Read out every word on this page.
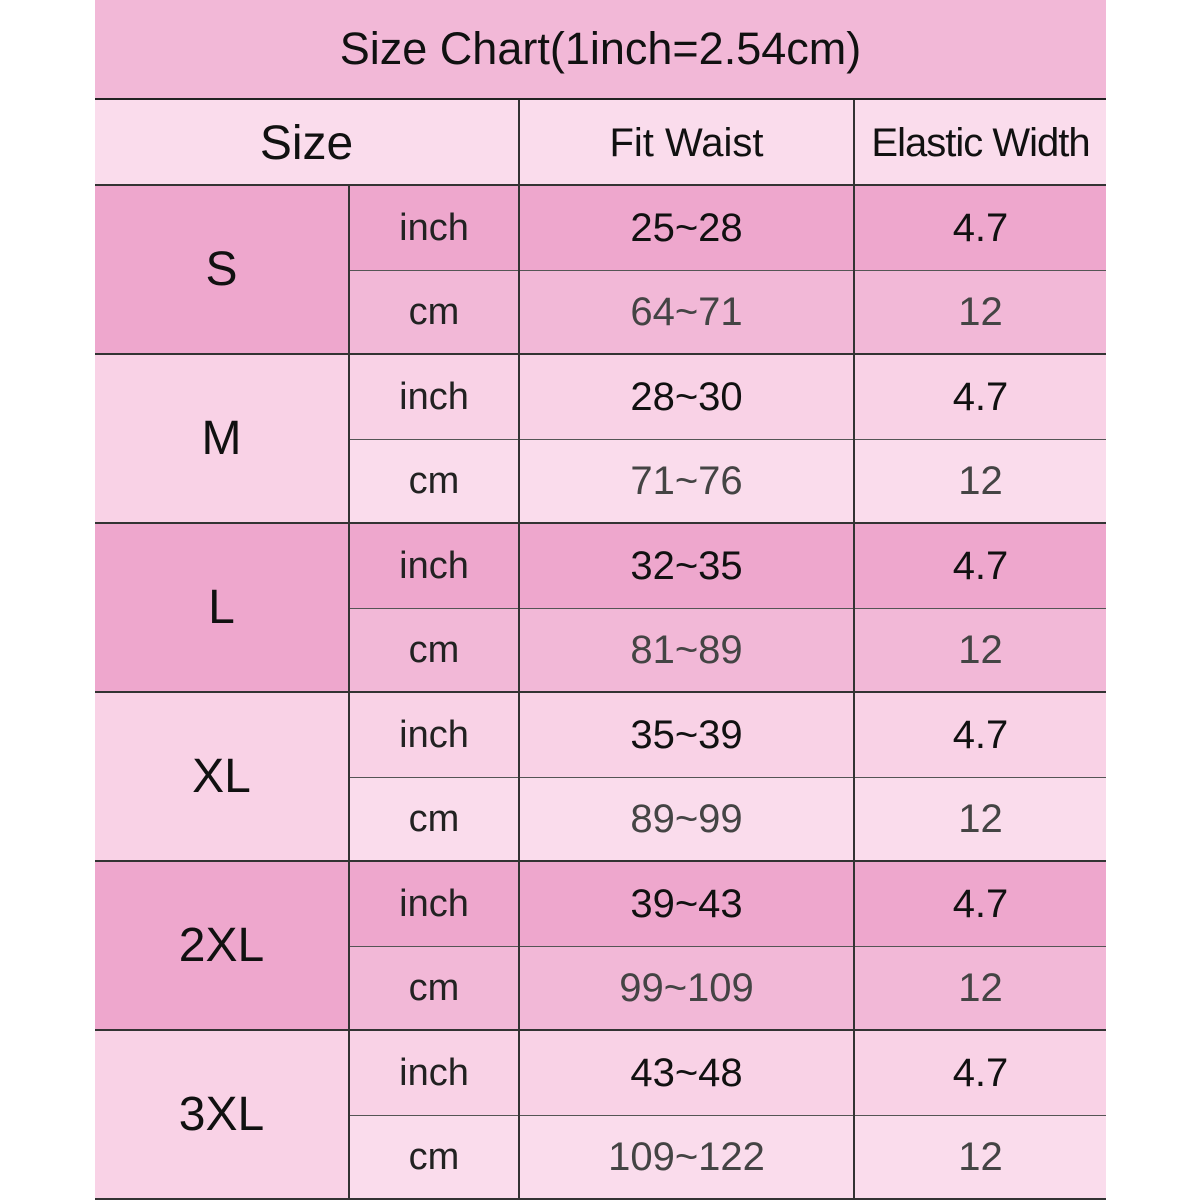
Size Chart(1inch=2.54cm)
Size	Fit Waist	Elastic Width
S
inch	25~28	4.7
cm	64~71	12
M
inch	28~30	4.7
cm	71~76	12
L
inch	32~35	4.7
cm	81~89	12
XL
inch	35~39	4.7
cm	89~99	12
2XL
inch	39~43	4.7
cm	99~109	12
3XL
inch	43~48	4.7
cm	109~122	12
